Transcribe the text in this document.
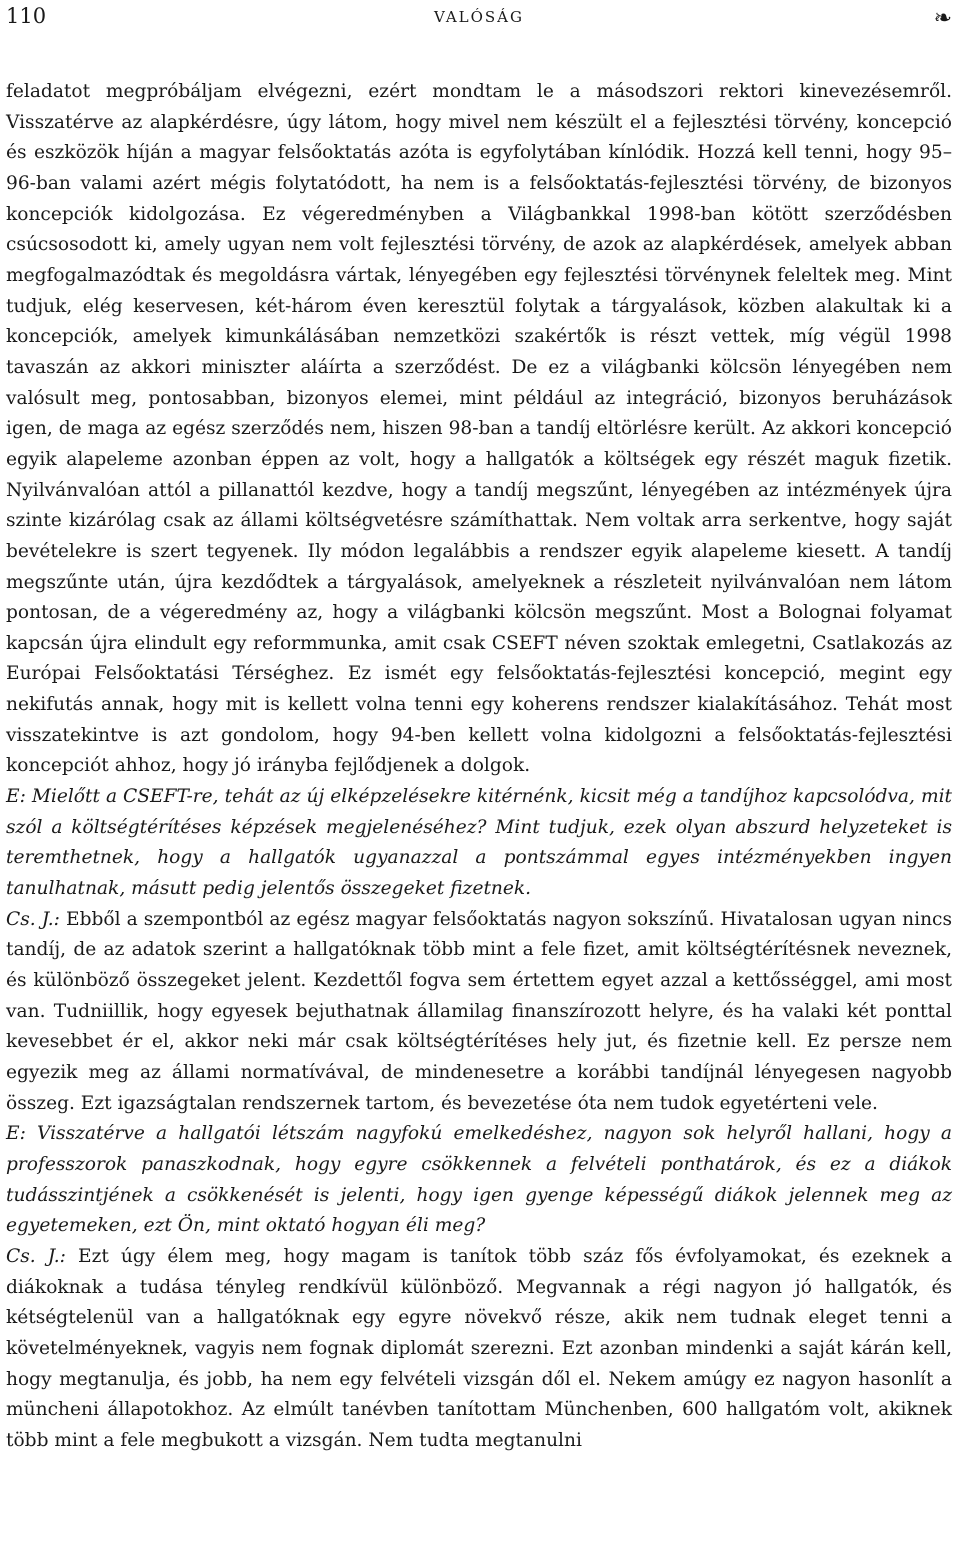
110	VALÓSÁG	❧

feladatot megpróbáljam elvégezni, ezért mondtam le a másodszori rektori kinevezésemről. Visszatérve az alapkérdésre, úgy látom, hogy mivel nem készült el a fejlesztési törvény, koncepció és eszközök híján a magyar felsőoktatás azóta is egyfolytában kínlódik. Hozzá kell tenni, hogy 95–96-ban valami azért mégis folytatódott, ha nem is a felsőoktatás-fejlesztési törvény, de bizonyos koncepciók kidolgozása. Ez végeredményben a Világbankkal 1998-ban kötött szerződésben csúcsosodott ki, amely ugyan nem volt fejlesztési törvény, de azok az alapkérdések, amelyek abban megfogalmazódtak és megoldásra vártak, lényegében egy fejlesztési törvénynek feleltek meg. Mint tudjuk, elég keservesen, két-három éven keresztül folytak a tárgyalások, közben alakultak ki a koncepciók, amelyek kimunkálásában nemzetközi szakértők is részt vettek, míg végül 1998 tavaszán az akkori miniszter aláírta a szerződést. De ez a világbanki kölcsön lényegében nem valósult meg, pontosabban, bizonyos elemei, mint például az integráció, bizonyos beruházások igen, de maga az egész szerződés nem, hiszen 98-ban a tandíj eltörlésre került. Az akkori koncepció egyik alapeleme azonban éppen az volt, hogy a hallgatók a költségek egy részét maguk fizetik. Nyilvánvalóan attól a pillanattól kezdve, hogy a tandíj megszűnt, lényegében az intézmények újra szinte kizárólag csak az állami költségvetésre számíthattak. Nem voltak arra serkentve, hogy saját bevételekre is szert tegyenek. Ily módon legalábbis a rendszer egyik alapeleme kiesett. A tandíj megszűnte után, újra kezdődtek a tárgyalások, amelyeknek a részleteit nyilvánvalóan nem látom pontosan, de a végeredmény az, hogy a világbanki kölcsön megszűnt. Most a Bolognai folyamat kapcsán újra elindult egy reformmunka, amit csak CSEFT néven szoktak emlegetni, Csatlakozás az Európai Felsőoktatási Térséghez. Ez ismét egy felsőoktatás-fejlesztési koncepció, megint egy nekifutás annak, hogy mit is kellett volna tenni egy koherens rendszer kialakításához. Tehát most visszatekintve is azt gondolom, hogy 94-ben kellett volna kidolgozni a felsőoktatás-fejlesztési koncepciót ahhoz, hogy jó irányba fejlődjenek a dolgok.

E: Mielőtt a CSEFT-re, tehát az új elképzelésekre kitérnénk, kicsit még a tandíjhoz kapcsolódva, mit szól a költségtérítéses képzések megjelenéséhez? Mint tudjuk, ezek olyan abszurd helyzeteket is teremthetnek, hogy a hallgatók ugyanazzal a pontszámmal egyes intézményekben ingyen tanulhatnak, másutt pedig jelentős összegeket fizetnek.

Cs. J.: Ebből a szempontból az egész magyar felsőoktatás nagyon sokszínű. Hivatalosan ugyan nincs tandíj, de az adatok szerint a hallgatóknak több mint a fele fizet, amit költségtérítésnek neveznek, és különböző összegeket jelent. Kezdettől fogva sem értettem egyet azzal a kettősséggel, ami most van. Tudniillik, hogy egyesek bejuthatnak államilag finanszírozott helyre, és ha valaki két ponttal kevesebbet ér el, akkor neki már csak költségtérítéses hely jut, és fizetnie kell. Ez persze nem egyezik meg az állami normatívával, de mindenesetre a korábbi tandíjnál lényegesen nagyobb összeg. Ezt igazságtalan rendszernek tartom, és bevezetése óta nem tudok egyetérteni vele.

E: Visszatérve a hallgatói létszám nagyfokú emelkedéshez, nagyon sok helyről hallani, hogy a professzorok panaszkodnak, hogy egyre csökkennek a felvételi ponthatárok, és ez a diákok tudásszintjének a csökkenését is jelenti, hogy igen gyenge képességű diákok jelennek meg az egyetemeken, ezt Ön, mint oktató hogyan éli meg?

Cs. J.: Ezt úgy élem meg, hogy magam is tanítok több száz fős évfolyamokat, és ezeknek a diákoknak a tudása tényleg rendkívül különböző. Megvannak a régi nagyon jó hallgatók, és kétségtelenül van a hallgatóknak egy egyre növekvő része, akik nem tudnak eleget tenni a követelményeknek, vagyis nem fognak diplomát szerezni. Ezt azonban mindenki a saját kárán kell, hogy megtanulja, és jobb, ha nem egy felvételi vizsgán dől el. Nekem amúgy ez nagyon hasonlít a müncheni állapotokhoz. Az elmúlt tanévben tanítottam Münchenben, 600 hallgatóm volt, akiknek több mint a fele megbukott a vizsgán. Nem tudta megtanulni
